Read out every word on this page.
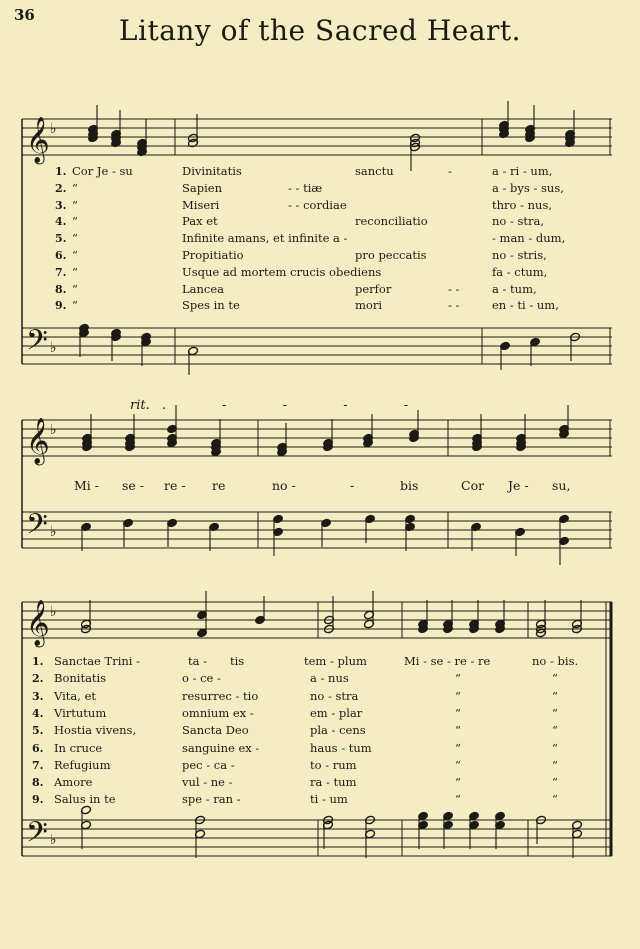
36	Litany of the Sacred Heart.
𝄞
𝄢
♭
♭
𝄞
𝄢
♭
♭
𝄞
𝄢
♭
♭
rit. . - - - -
1. Cor Je - su	Divinitatis	sanctu	-	a - ri - um,
2. “	Sapien	- - tiæ	a - bys - sus,
3. “	Miseri	- - cordiae	thro - nus,
4. “	Pax et	reconciliatio	no - stra,
5. “	Infinite amans, et infinite a -	- man - dum,
6. “	Propitiatio	pro peccatis	no - stris,
7. “	Usque ad mortem crucis obediens	fa - ctum,
8. “	Lancea	perfor	- -	a - tum,
9. “	Spes in te	mori	- -	en - ti - um,
Mi - se - re - re	no -	-	bis	Cor Je - su,
1. Sanctae Trini -	ta - tis	tem - plum	Mi - se - re - re	no - bis.
2. Bonitatis	o - ce -	a - nus	“	“
3. Vita, et	resurrec - tio	no - stra	“	“
4. Virtutum	omnium ex -	em - plar	“	“
5. Hostia vivens,	Sancta Deo	pla - cens	“	“
6. In cruce	sanguine ex -	haus - tum	“	“
7. Refugium	pec - ca -	to - rum	“	“
8. Amore	vul - ne -	ra - tum	“	“
9. Salus in te	spe - ran -	ti - um	“	“
